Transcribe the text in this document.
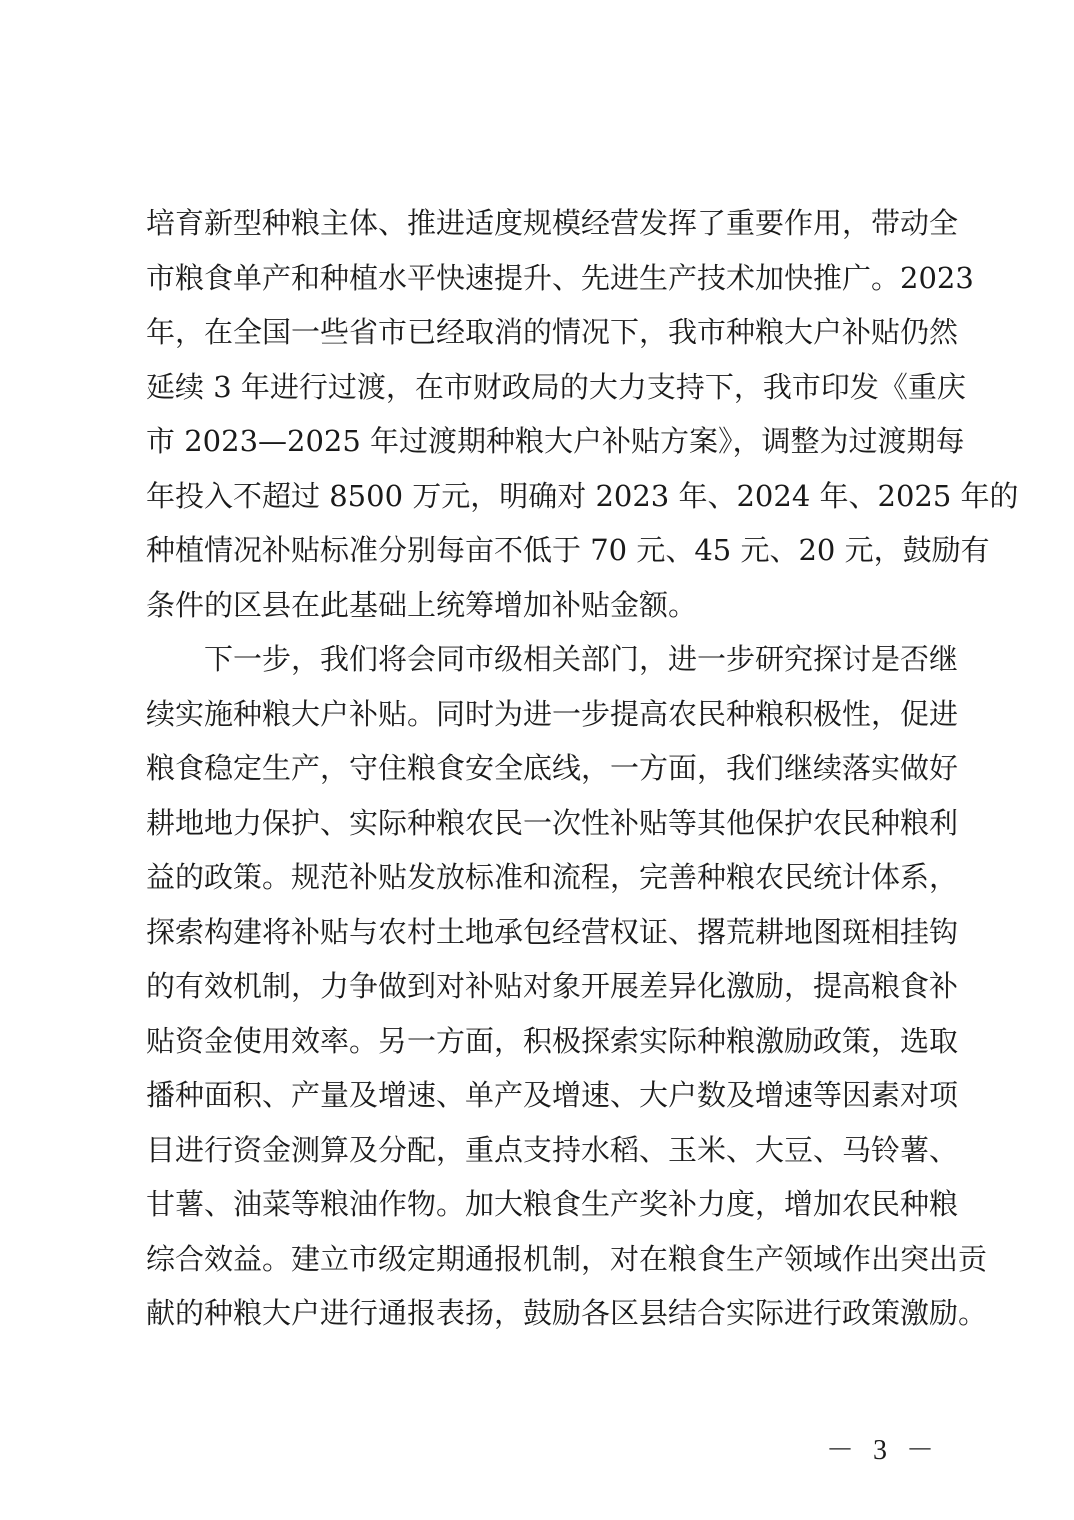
培育新型种粮主体、推进适度规模经营发挥了重要作用，带动全
市粮食单产和种植水平快速提升、先进生产技术加快推广。2023
年，在全国一些省市已经取消的情况下，我市种粮大户补贴仍然
延续 3 年进行过渡，在市财政局的大力支持下，我市印发《重庆
市 2023—2025 年过渡期种粮大户补贴方案》，调整为过渡期每
年投入不超过 8500 万元，明确对 2023 年、2024 年、2025 年的
种植情况补贴标准分别每亩不低于 70 元、45 元、20 元，鼓励有
条件的区县在此基础上统筹增加补贴金额。
下一步，我们将会同市级相关部门，进一步研究探讨是否继
续实施种粮大户补贴。同时为进一步提高农民种粮积极性，促进
粮食稳定生产，守住粮食安全底线，一方面，我们继续落实做好
耕地地力保护、实际种粮农民一次性补贴等其他保护农民种粮利
益的政策。规范补贴发放标准和流程，完善种粮农民统计体系，
探索构建将补贴与农村土地承包经营权证、撂荒耕地图斑相挂钩
的有效机制，力争做到对补贴对象开展差异化激励，提高粮食补
贴资金使用效率。另一方面，积极探索实际种粮激励政策，选取
播种面积、产量及增速、单产及增速、大户数及增速等因素对项
目进行资金测算及分配，重点支持水稻、玉米、大豆、马铃薯、
甘薯、油菜等粮油作物。加大粮食生产奖补力度，增加农民种粮
综合效益。建立市级定期通报机制，对在粮食生产领域作出突出贡
献的种粮大户进行通报表扬，鼓励各区县结合实际进行政策激励。
－ 3 －
